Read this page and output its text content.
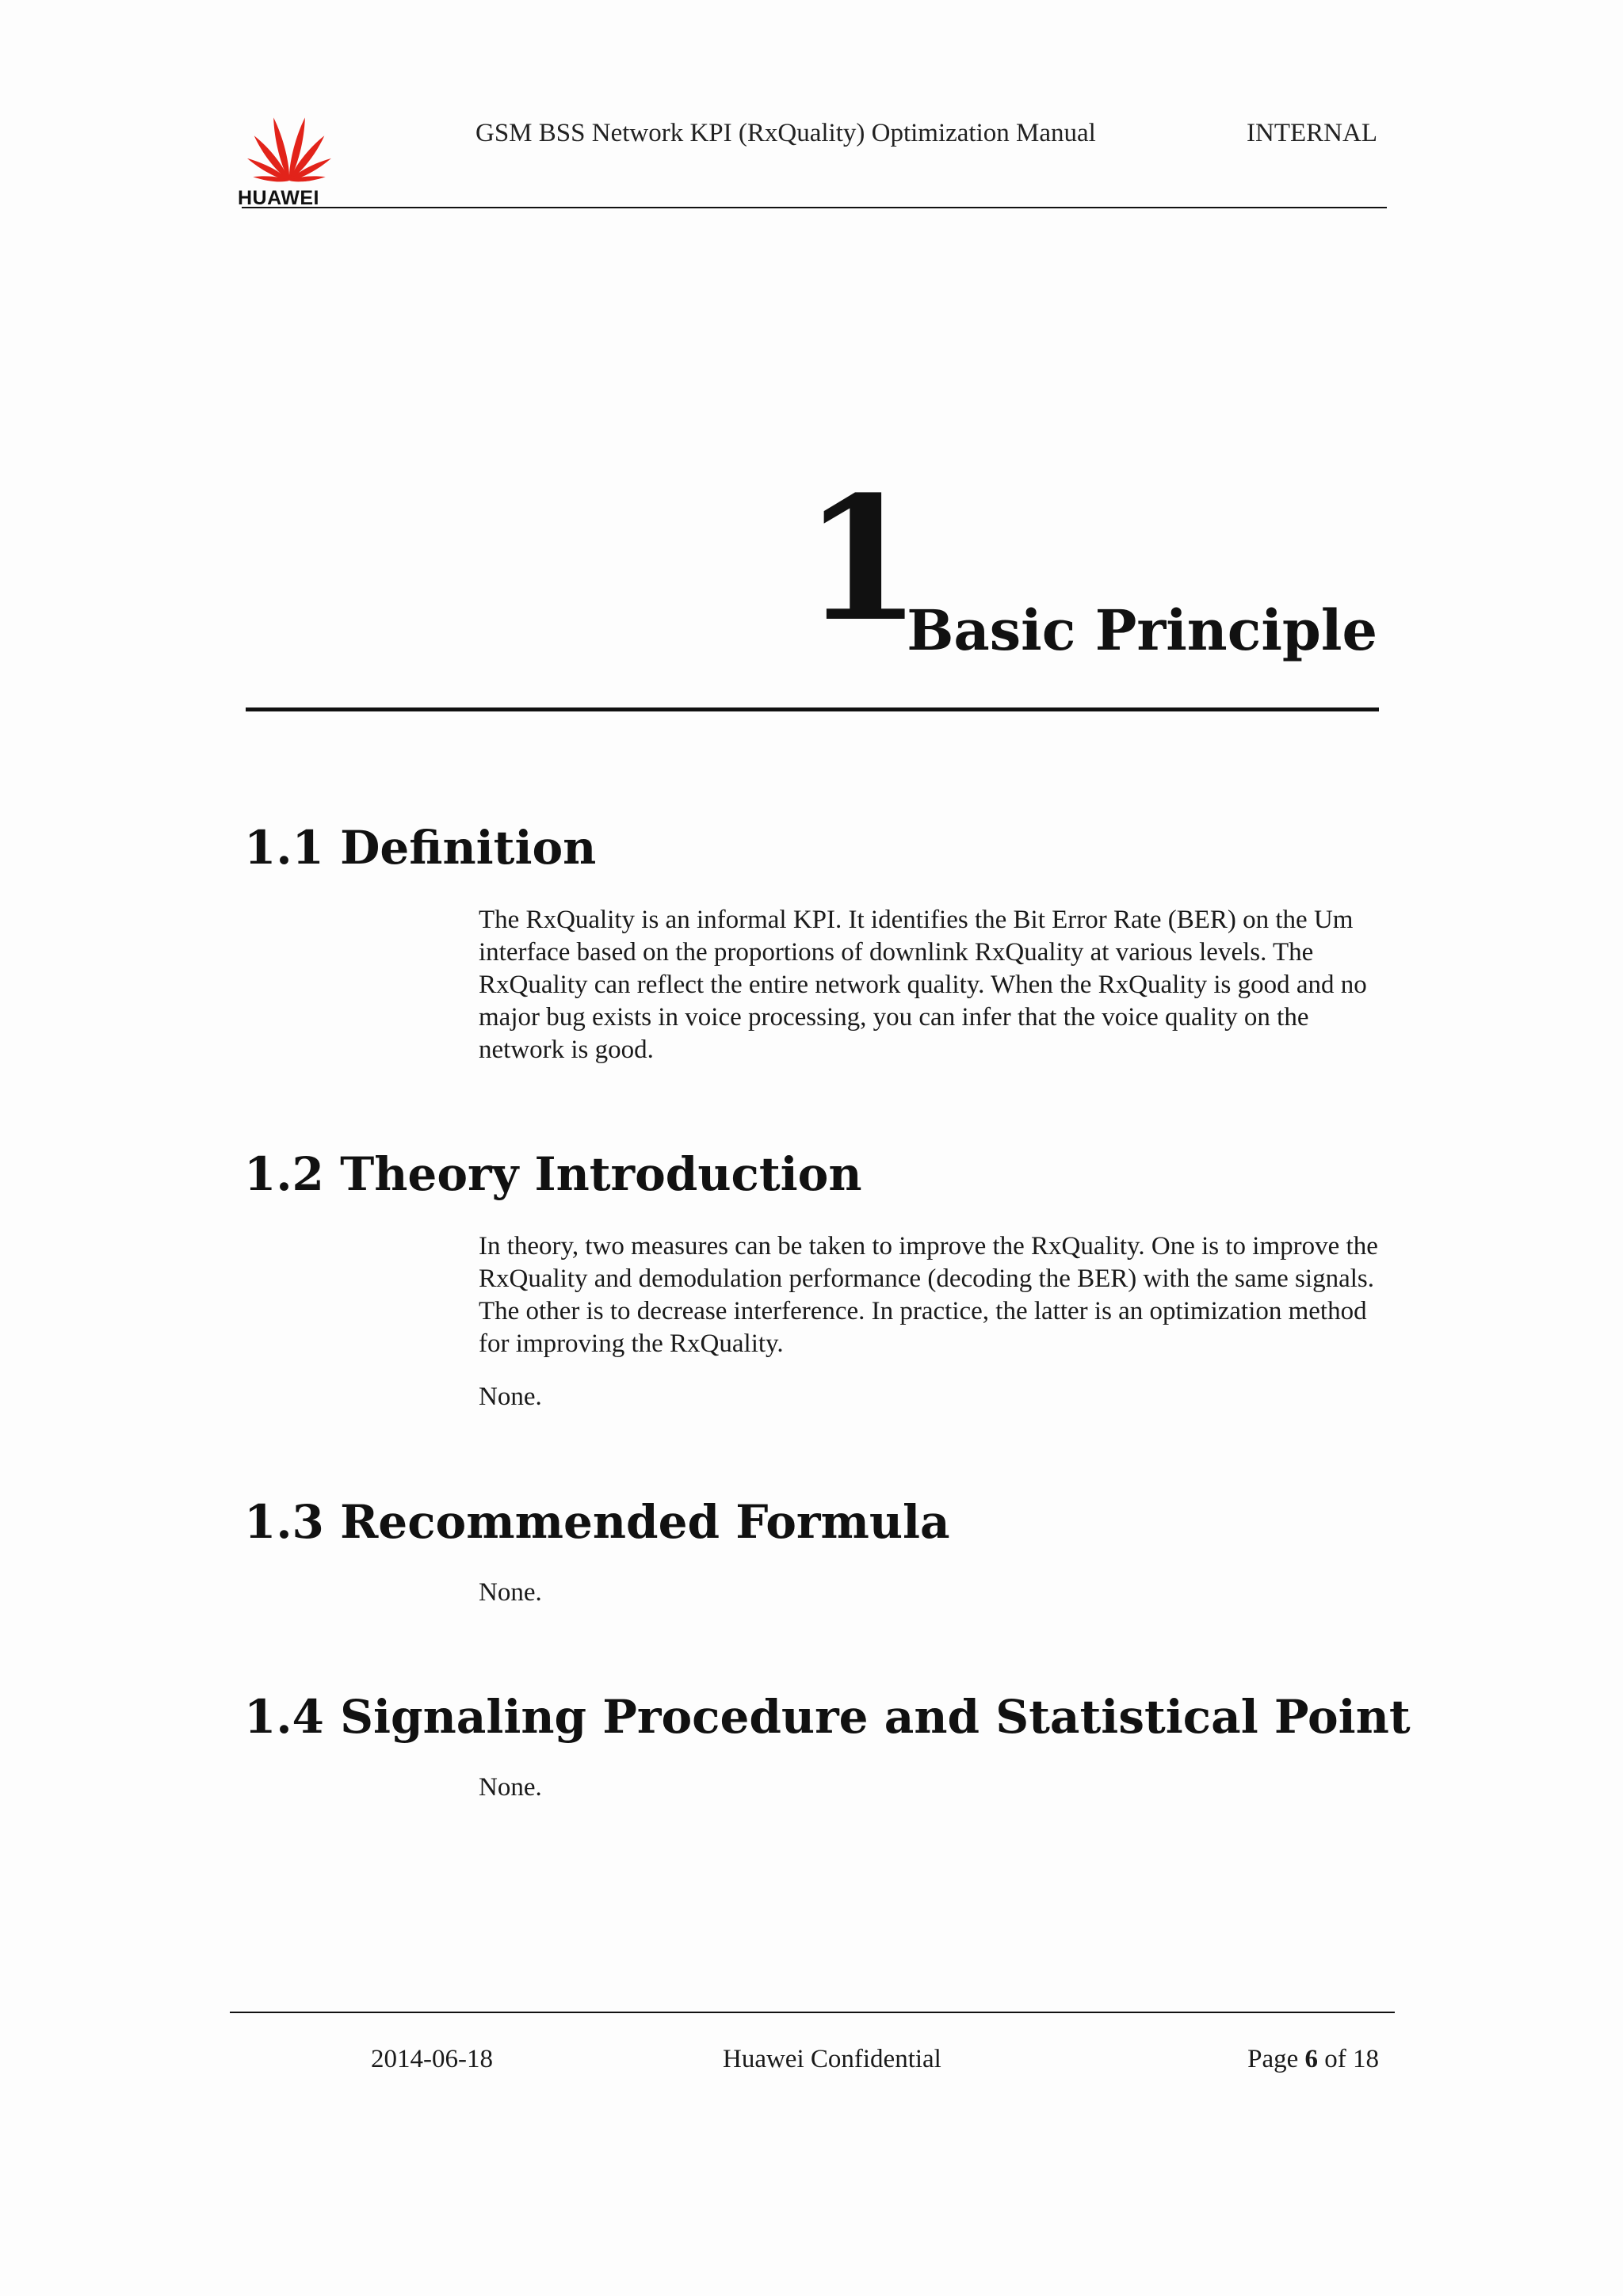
HUAWEI
GSM BSS Network KPI (RxQuality) Optimization Manual	INTERNAL
1
Basic Principle
1.1 Definition

The RxQuality is an informal KPI. It identifies the Bit Error Rate (BER) on the Um interface based on the proportions of downlink RxQuality at various levels. The RxQuality can reflect the entire network quality. When the RxQuality is good and no major bug exists in voice processing, you can infer that the voice quality on the network is good.

1.2 Theory Introduction

In theory, two measures can be taken to improve the RxQuality. One is to improve the RxQuality and demodulation performance (decoding the BER) with the same signals. The other is to decrease interference. In practice, the latter is an optimization method for improving the RxQuality.

None.

1.3 Recommended Formula

None.

1.4 Signaling Procedure and Statistical Point

None.

2014-06-18	Huawei Confidential	Page 6 of 18
